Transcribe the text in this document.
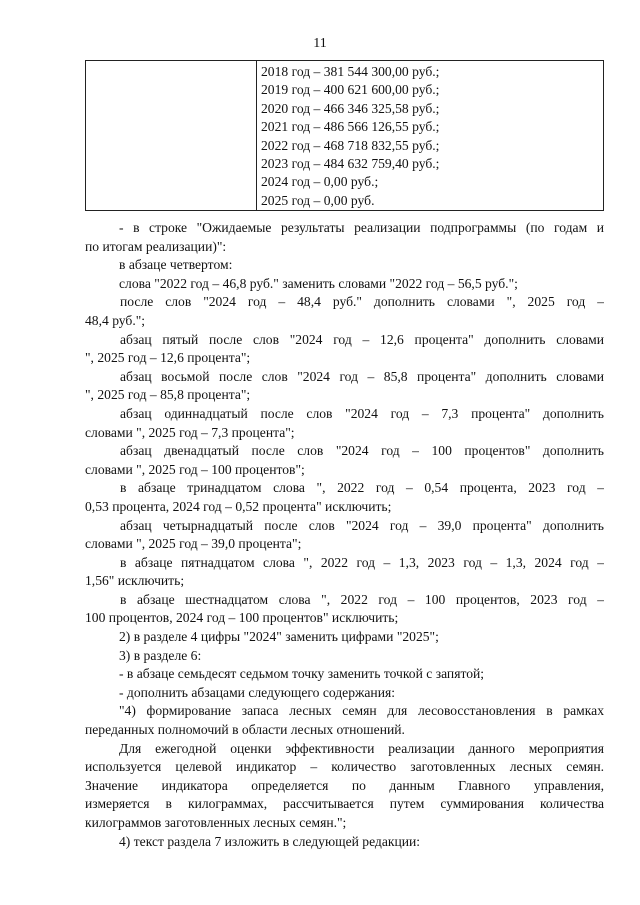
11

2018 год – 381 544 300,00 руб.;
2019 год – 400 621 600,00 руб.;
2020 год – 466 346 325,58 руб.;
2021 год – 486 566 126,55 руб.;
2022 год – 468 718 832,55 руб.;
2023 год – 484 632 759,40 руб.;
2024 год – 0,00 руб.;
2025 год – 0,00 руб.
- в строке "Ожидаемые результаты реализации подпрограммы (по годам и
по итогам реализации)":
в абзаце четвертом:
слова "2022 год – 46,8 руб." заменить словами "2022 год – 56,5 руб.";
после слов "2024 год – 48,4 руб." дополнить словами ", 2025 год –
48,4 руб.";
абзац пятый после слов "2024 год – 12,6 процента" дополнить словами
", 2025 год – 12,6 процента";
абзац восьмой после слов "2024 год – 85,8 процента" дополнить словами
", 2025 год – 85,8 процента";
абзац одиннадцатый после слов "2024 год – 7,3 процента" дополнить
словами ", 2025 год – 7,3 процента";
абзац двенадцатый после слов "2024 год – 100 процентов" дополнить
словами ", 2025 год – 100 процентов";
в абзаце тринадцатом слова ", 2022 год – 0,54 процента, 2023 год –
0,53 процента, 2024 год – 0,52 процента" исключить;
абзац четырнадцатый после слов "2024 год – 39,0 процента" дополнить
словами ", 2025 год – 39,0 процента";
в абзаце пятнадцатом слова ", 2022 год – 1,3, 2023 год – 1,3, 2024 год –
1,56" исключить;
в абзаце шестнадцатом слова ", 2022 год – 100 процентов, 2023 год –
100 процентов, 2024 год – 100 процентов" исключить;
2) в разделе 4 цифры "2024" заменить цифрами "2025";
3) в разделе 6:
- в абзаце семьдесят седьмом точку заменить точкой с запятой;
- дополнить абзацами следующего содержания:
"4) формирование запаса лесных семян для лесовосстановления в рамках
переданных полномочий в области лесных отношений.
Для ежегодной оценки эффективности реализации данного мероприятия
используется целевой индикатор – количество заготовленных лесных семян.
Значение индикатора определяется по данным Главного управления,
измеряется в килограммах, рассчитывается путем суммирования количества
килограммов заготовленных лесных семян.";
4) текст раздела 7 изложить в следующей редакции:
